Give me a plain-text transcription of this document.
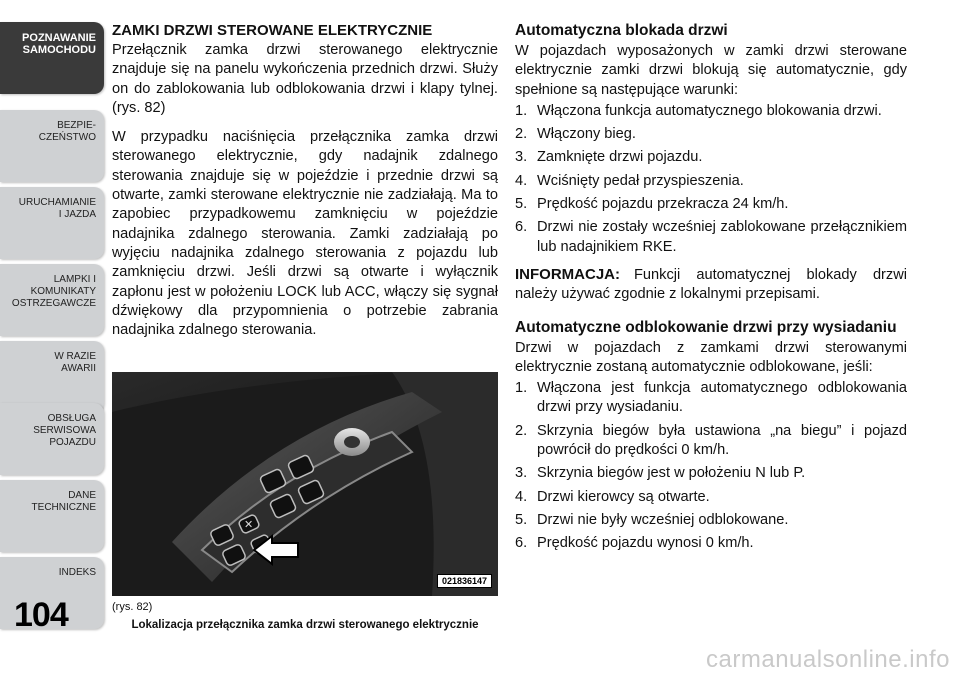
POZNAWANIE
SAMOCHODU
BEZPIE-
CZEŃSTWO
URUCHAMIANIE
I JAZDA
LAMPKI I
KOMUNIKATY
OSTRZEGAWCZE
W RAZIE
AWARII
OBSŁUGA
SERWISOWA
POJAZDU
DANE
TECHNICZNE
INDEKS
104
ZAMKI DRZWI STEROWANE ELEKTRYCZNIE

Przełącznik zamka drzwi sterowanego elektrycznie znajduje się na panelu wykończenia przednich drzwi. Służy on do zablokowania lub odblokowania drzwi i klapy tylnej. (rys. 82)

W przypadku naciśnięcia przełącznika zamka drzwi sterowanego elektrycznie, gdy nadajnik zdalnego sterowania znajduje się w pojeździe i przednie drzwi są otwarte, zamki sterowane elektrycznie nie zadziałają. Ma to zapobiec przypadkowemu zamknięciu w pojeździe nadajnika zdalnego sterowania. Zamki zadziałają po wyjęciu nadajnika zdalnego sterowania z pojazdu lub zamknięciu drzwi. Jeśli drzwi są otwarte i wyłącznik zapłonu jest w położeniu LOCK lub ACC, włączy się sygnał dźwiękowy dla przypomnienia o potrzebie zabrania nadajnika zdalnego sterowania.

✕
021836147
(rys. 82)
Lokalizacja przełącznika zamka drzwi sterowanego elektrycznie
Automatyczna blokada drzwi

W pojazdach wyposażonych w zamki drzwi sterowane elektrycznie zamki drzwi blokują się automatycznie, gdy spełnione są następujące warunki:

1. Włączona funkcja automatycznego blokowania drzwi.
2. Włączony bieg.
3. Zamknięte drzwi pojazdu.
4. Wciśnięty pedał przyspieszenia.
5. Prędkość pojazdu przekracza 24 km/h.
6. Drzwi nie zostały wcześniej zablokowane przełącznikiem lub nadajnikiem RKE.

INFORMACJA: Funkcji automatycznej blokady drzwi należy używać zgodnie z lokalnymi przepisami.

Automatyczne odblokowanie drzwi przy wysiadaniu

Drzwi w pojazdach z zamkami drzwi sterowanymi elektrycznie zostaną automatycznie odblokowane, jeśli:

1. Włączona jest funkcja automatycznego odblokowania drzwi przy wysiadaniu.
2. Skrzynia biegów była ustawiona „na biegu” i pojazd powrócił do prędkości 0 km/h.
3. Skrzynia biegów jest w położeniu N lub P.
4. Drzwi kierowcy są otwarte.
5. Drzwi nie były wcześniej odblokowane.
6. Prędkość pojazdu wynosi 0 km/h.
carmanualsonline.info
